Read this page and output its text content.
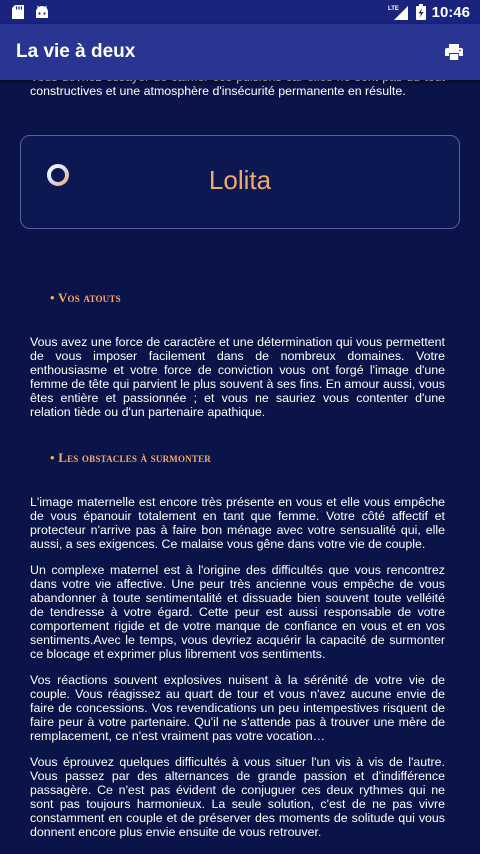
LTE 10:46
La vie à deux

constructives et une atmosphère d'insécurité permanente en résulte.

Lolita
• Vos atouts

Vous avez une force de caractère et une détermination qui vous permettent de vous imposer facilement dans de nombreux domaines. Votre enthousiasme et votre force de conviction vous ont forgé l'image d'une femme de tête qui parvient le plus souvent à ses fins. En amour aussi, vous êtes entière et passionnée ; et vous ne sauriez vous contenter d'une relation tiède ou d'un partenaire apathique.

• Les obstacles à surmonter

L'image maternelle est encore très présente en vous et elle vous empêche de vous épanouir totalement en tant que femme. Votre côté affectif et protecteur n'arrive pas à faire bon ménage avec votre sensualité qui, elle aussi, a ses exigences. Ce malaise vous gêne dans votre vie de couple.

Un complexe maternel est à l'origine des difficultés que vous rencontrez dans votre vie affective. Une peur très ancienne vous empêche de vous abandonner à toute sentimentalité et dissuade bien souvent toute velléité de tendresse à votre égard. Cette peur est aussi responsable de votre comportement rigide et de votre manque de confiance en vous et en vos sentiments.Avec le temps, vous devriez acquérir la capacité de surmonter ce blocage et exprimer plus librement vos sentiments.

Vos réactions souvent explosives nuisent à la sérénité de votre vie de couple. Vous réagissez au quart de tour et vous n'avez aucune envie de faire de concessions. Vos revendications un peu intempestives risquent de faire peur à votre partenaire. Qu'il ne s'attende pas à trouver une mère de remplacement, ce n'est vraiment pas votre vocation…

Vous éprouvez quelques difficultés à vous situer l'un vis à vis de l'autre. Vous passez par des alternances de grande passion et d'indifférence passagère. Ce n'est pas évident de conjuguer ces deux rythmes qui ne sont pas toujours harmonieux. La seule solution, c'est de ne pas vivre constamment en couple et de préserver des moments de solitude qui vous donnent encore plus envie ensuite de vous retrouver.
